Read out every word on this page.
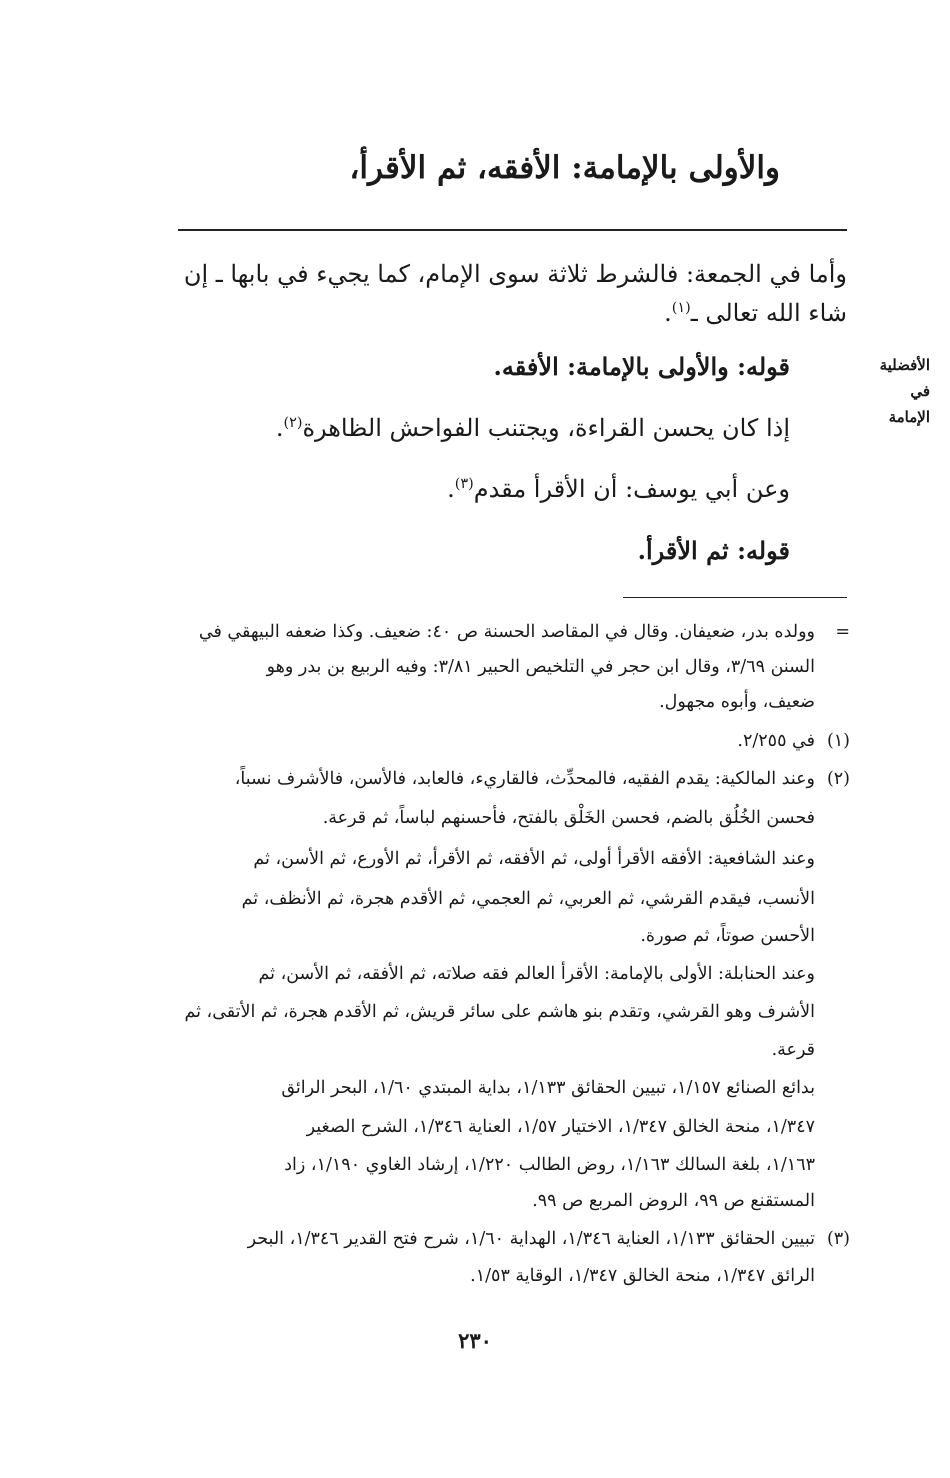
والأولى بالإمامة: الأفقه، ثم الأقرأ،
وأما في الجمعة: فالشرط ثلاثة سوى الإمام، كما يجيء في بابها ـ إن
شاء الله تعالى ـ$^{(١)}$.
قوله: والأولى بالإمامة: الأفقه.
إذا كان يحسن القراءة، ويجتنب الفواحش الظاهرة$^{(٢)}$.
وعن أبي يوسف: أن الأقرأ مقدم$^{(٣)}$.
قوله: ثم الأقرأ.
الأفضلية
في
الإمامة
=
وولده بدر، ضعيفان. وقال في المقاصد الحسنة ص ٤٠: ضعيف. وكذا ضعفه البيهقي في
السنن ٣/٦٩، وقال ابن حجر في التلخيص الحبير ٣/٨١: وفيه الربيع بن بدر وهو
ضعيف، وأبوه مجهول.
(١)
في ٢/٢٥٥.
(٢)
وعند المالكية: يقدم الفقيه، فالمحدِّث، فالقاريء، فالعابد، فالأسن، فالأشرف نسباً،
فحسن الخُلُق بالضم، فحسن الخَلْق بالفتح، فأحسنهم لباساً، ثم قرعة.
وعند الشافعية: الأفقه الأقرأ أولى، ثم الأفقه، ثم الأقرأ، ثم الأورع، ثم الأسن، ثم
الأنسب، فيقدم القرشي، ثم العربي، ثم العجمي، ثم الأقدم هجرة، ثم الأنظف، ثم
الأحسن صوتاً، ثم صورة.
وعند الحنابلة: الأولى بالإمامة: الأقرأ العالم فقه صلاته، ثم الأفقه، ثم الأسن، ثم
الأشرف وهو القرشي، وتقدم بنو هاشم على سائر قريش، ثم الأقدم هجرة، ثم الأتقى، ثم
قرعة.
بدائع الصنائع ١/١٥٧، تبيين الحقائق ١/١٣٣، بداية المبتدي ١/٦٠، البحر الرائق
١/٣٤٧، منحة الخالق ١/٣٤٧، الاختيار ١/٥٧، العناية ١/٣٤٦، الشرح الصغير
١/١٦٣، بلغة السالك ١/١٦٣، روض الطالب ١/٢٢٠، إرشاد الغاوي ١/١٩٠، زاد
المستقنع ص ٩٩، الروض المربع ص ٩٩.
(٣)
تبيين الحقائق ١/١٣٣، العناية ١/٣٤٦، الهداية ١/٦٠، شرح فتح القدير ١/٣٤٦، البحر
الرائق ١/٣٤٧، منحة الخالق ١/٣٤٧، الوقاية ١/٥٣.
٢٣٠
